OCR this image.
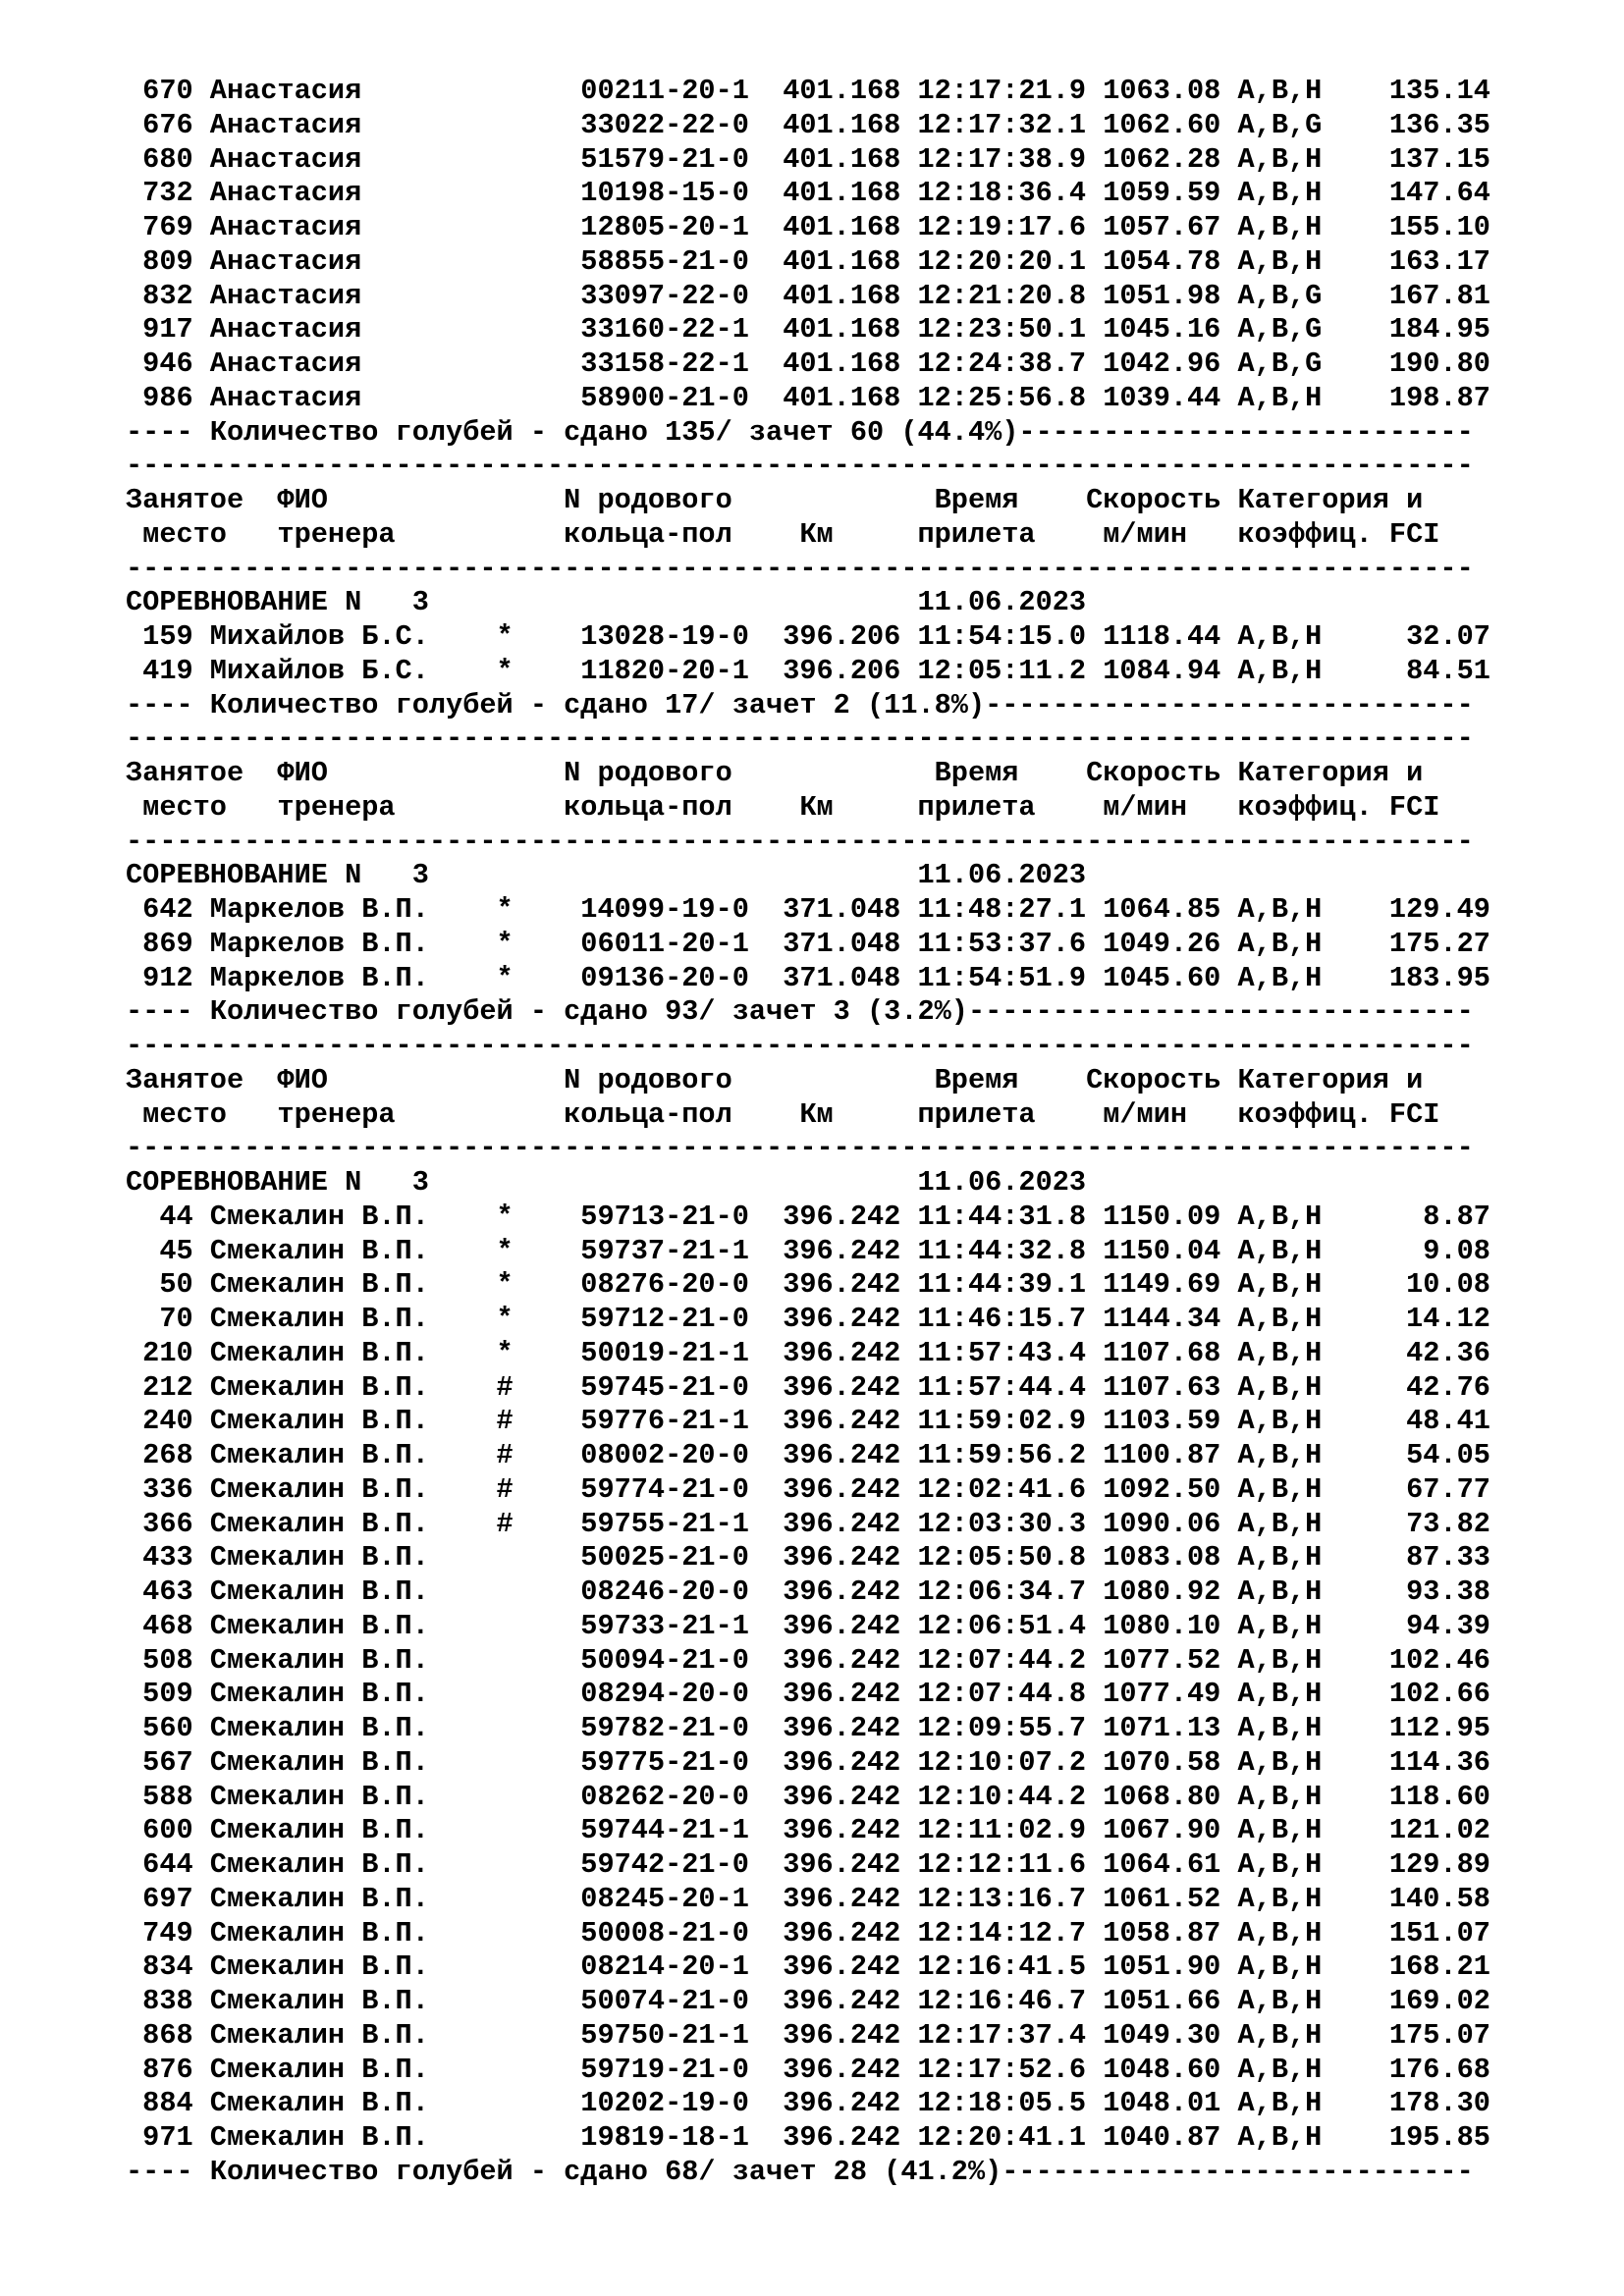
670 Анастасия             00211-20-1  401.168 12:17:21.9 1063.08 A,B,H    135.14
676 Анастасия             33022-22-0  401.168 12:17:32.1 1062.60 A,B,G    136.35
680 Анастасия             51579-21-0  401.168 12:17:38.9 1062.28 A,B,H    137.15
732 Анастасия             10198-15-0  401.168 12:18:36.4 1059.59 A,B,H    147.64
769 Анастасия             12805-20-1  401.168 12:19:17.6 1057.67 A,B,H    155.10
809 Анастасия             58855-21-0  401.168 12:20:20.1 1054.78 A,B,H    163.17
832 Анастасия             33097-22-0  401.168 12:21:20.8 1051.98 A,B,G    167.81
917 Анастасия             33160-22-1  401.168 12:23:50.1 1045.16 A,B,G    184.95
946 Анастасия             33158-22-1  401.168 12:24:38.7 1042.96 A,B,G    190.80
986 Анастасия             58900-21-0  401.168 12:25:56.8 1039.44 A,B,H    198.87
---- Количество голубей - сдано 135/ зачет 60 (44.4%)---------------------------
--------------------------------------------------------------------------------
Занятое  ФИО              N родового            Время    Скорость Категория и
место   тренера          кольца-пол    Км     прилета    м/мин   коэффиц. FCI
--------------------------------------------------------------------------------
СОРЕВНОВАНИЕ N   3                             11.06.2023
159 Михайлов Б.С.    *    13028-19-0  396.206 11:54:15.0 1118.44 A,B,H     32.07
419 Михайлов Б.С.    *    11820-20-1  396.206 12:05:11.2 1084.94 A,B,H     84.51
---- Количество голубей - сдано 17/ зачет 2 (11.8%)-----------------------------
--------------------------------------------------------------------------------
Занятое  ФИО              N родового            Время    Скорость Категория и
место   тренера          кольца-пол    Км     прилета    м/мин   коэффиц. FCI
--------------------------------------------------------------------------------
СОРЕВНОВАНИЕ N   3                             11.06.2023
642 Маркелов В.П.    *    14099-19-0  371.048 11:48:27.1 1064.85 A,B,H    129.49
869 Маркелов В.П.    *    06011-20-1  371.048 11:53:37.6 1049.26 A,B,H    175.27
912 Маркелов В.П.    *    09136-20-0  371.048 11:54:51.9 1045.60 A,B,H    183.95
---- Количество голубей - сдано 93/ зачет 3 (3.2%)------------------------------
--------------------------------------------------------------------------------
Занятое  ФИО              N родового            Время    Скорость Категория и
место   тренера          кольца-пол    Км     прилета    м/мин   коэффиц. FCI
--------------------------------------------------------------------------------
СОРЕВНОВАНИЕ N   3                             11.06.2023
44 Смекалин В.П.    *    59713-21-0  396.242 11:44:31.8 1150.09 A,B,H      8.87
45 Смекалин В.П.    *    59737-21-1  396.242 11:44:32.8 1150.04 A,B,H      9.08
50 Смекалин В.П.    *    08276-20-0  396.242 11:44:39.1 1149.69 A,B,H     10.08
70 Смекалин В.П.    *    59712-21-0  396.242 11:46:15.7 1144.34 A,B,H     14.12
210 Смекалин В.П.    *    50019-21-1  396.242 11:57:43.4 1107.68 A,B,H     42.36
212 Смекалин В.П.    #    59745-21-0  396.242 11:57:44.4 1107.63 A,B,H     42.76
240 Смекалин В.П.    #    59776-21-1  396.242 11:59:02.9 1103.59 A,B,H     48.41
268 Смекалин В.П.    #    08002-20-0  396.242 11:59:56.2 1100.87 A,B,H     54.05
336 Смекалин В.П.    #    59774-21-0  396.242 12:02:41.6 1092.50 A,B,H     67.77
366 Смекалин В.П.    #    59755-21-1  396.242 12:03:30.3 1090.06 A,B,H     73.82
433 Смекалин В.П.         50025-21-0  396.242 12:05:50.8 1083.08 A,B,H     87.33
463 Смекалин В.П.         08246-20-0  396.242 12:06:34.7 1080.92 A,B,H     93.38
468 Смекалин В.П.         59733-21-1  396.242 12:06:51.4 1080.10 A,B,H     94.39
508 Смекалин В.П.         50094-21-0  396.242 12:07:44.2 1077.52 A,B,H    102.46
509 Смекалин В.П.         08294-20-0  396.242 12:07:44.8 1077.49 A,B,H    102.66
560 Смекалин В.П.         59782-21-0  396.242 12:09:55.7 1071.13 A,B,H    112.95
567 Смекалин В.П.         59775-21-0  396.242 12:10:07.2 1070.58 A,B,H    114.36
588 Смекалин В.П.         08262-20-0  396.242 12:10:44.2 1068.80 A,B,H    118.60
600 Смекалин В.П.         59744-21-1  396.242 12:11:02.9 1067.90 A,B,H    121.02
644 Смекалин В.П.         59742-21-0  396.242 12:12:11.6 1064.61 A,B,H    129.89
697 Смекалин В.П.         08245-20-1  396.242 12:13:16.7 1061.52 A,B,H    140.58
749 Смекалин В.П.         50008-21-0  396.242 12:14:12.7 1058.87 A,B,H    151.07
834 Смекалин В.П.         08214-20-1  396.242 12:16:41.5 1051.90 A,B,H    168.21
838 Смекалин В.П.         50074-21-0  396.242 12:16:46.7 1051.66 A,B,H    169.02
868 Смекалин В.П.         59750-21-1  396.242 12:17:37.4 1049.30 A,B,H    175.07
876 Смекалин В.П.         59719-21-0  396.242 12:17:52.6 1048.60 A,B,H    176.68
884 Смекалин В.П.         10202-19-0  396.242 12:18:05.5 1048.01 A,B,H    178.30
971 Смекалин В.П.         19819-18-1  396.242 12:20:41.1 1040.87 A,B,H    195.85
---- Количество голубей - сдано 68/ зачет 28 (41.2%)----------------------------
